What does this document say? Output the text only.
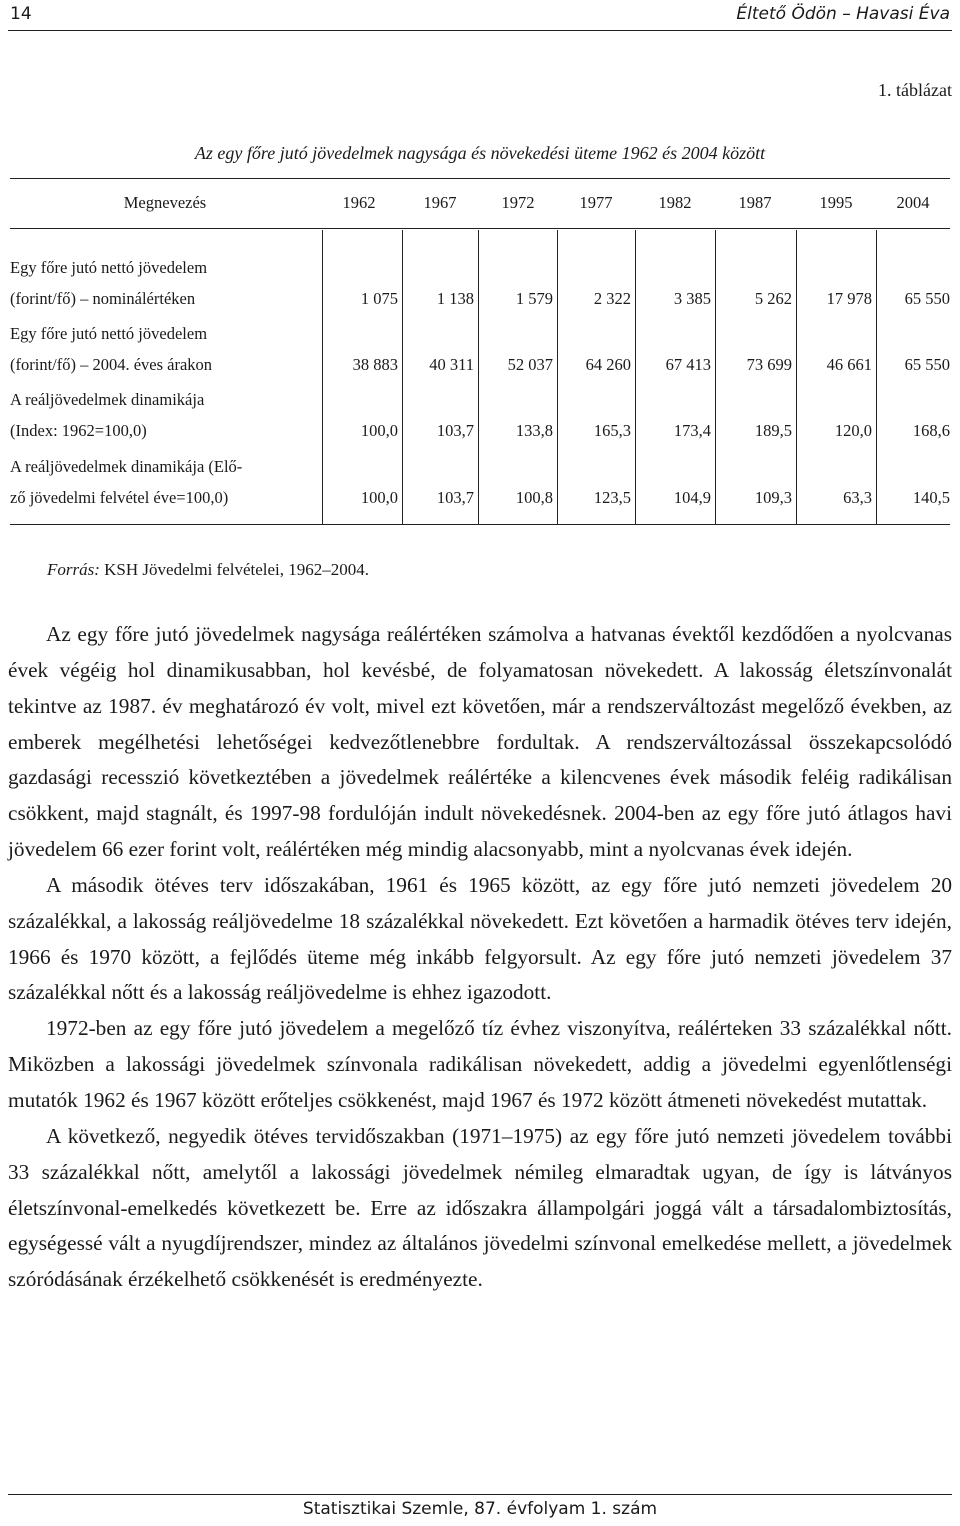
14	Éltető Ödön – Havasi Éva
1. táblázat
Az egy főre jutó jövedelmek nagysága és növekedési üteme 1962 és 2004 között
Megnevezés	1962	1967	1972	1977	1982	1987	1995	2004
Egy főre jutó nettó jövedelem
(forint/fő) – nominálértéken	1 075	1 138	1 579	2 322	3 385	5 262	17 978	65 550
Egy főre jutó nettó jövedelem
(forint/fő) – 2004. éves árakon	38 883	40 311	52 037	64 260	67 413	73 699	46 661	65 550
A reáljövedelmek dinamikája
(Index: 1962=100,0)	100,0	103,7	133,8	165,3	173,4	189,5	120,0	168,6
A reáljövedelmek dinamikája (Elő-
ző jövedelmi felvétel éve=100,0)	100,0	103,7	100,8	123,5	104,9	109,3	63,3	140,5
Forrás: KSH Jövedelmi felvételei, 1962–2004.

Az egy főre jutó jövedelmek nagysága reálértéken számolva a hatvanas évektől kezdődően a nyolcvanas évek végéig hol dinamikusabban, hol kevésbé, de folyamatosan növekedett. A lakosság életszínvonalát tekintve az 1987. év meghatározó év volt, mivel ezt követően, már a rendszerváltozást megelőző években, az emberek megélhetési lehetőségei kedvezőtlenebbre fordultak. A rendszerváltozással összekapcsolódó gazdasági recesszió következtében a jövedelmek reálértéke a kilencvenes évek második feléig radikálisan csökkent, majd stagnált, és 1997-98 fordulóján indult növekedésnek. 2004-ben az egy főre jutó átlagos havi jövedelem 66 ezer forint volt, reálértéken még mindig alacsonyabb, mint a nyolcvanas évek idején.

A második ötéves terv időszakában, 1961 és 1965 között, az egy főre jutó nemzeti jövedelem 20 százalékkal, a lakosság reáljövedelme 18 százalékkal növekedett. Ezt követően a harmadik ötéves terv idején, 1966 és 1970 között, a fejlődés üteme még inkább felgyorsult. Az egy főre jutó nemzeti jövedelem 37 százalékkal nőtt és a lakosság reáljövedelme is ehhez igazodott.

1972-ben az egy főre jutó jövedelem a megelőző tíz évhez viszonyítva, reálérteken 33 százalékkal nőtt. Miközben a lakossági jövedelmek színvonala radikálisan növekedett, addig a jövedelmi egyenlőtlenségi mutatók 1962 és 1967 között erőteljes csökkenést, majd 1967 és 1972 között átmeneti növekedést mutattak.

A következő, negyedik ötéves tervidőszakban (1971–1975) az egy főre jutó nemzeti jövedelem további 33 százalékkal nőtt, amelytől a lakossági jövedelmek némileg elmaradtak ugyan, de így is látványos életszínvonal-emelkedés következett be. Erre az időszakra állampolgári joggá vált a társadalombiztosítás, egységessé vált a nyugdíjrendszer, mindez az általános jövedelmi színvonal emelkedése mellett, a jövedelmek szóródásának érzékelhető csökkenését is eredményezte.

Statisztikai Szemle, 87. évfolyam 1. szám
